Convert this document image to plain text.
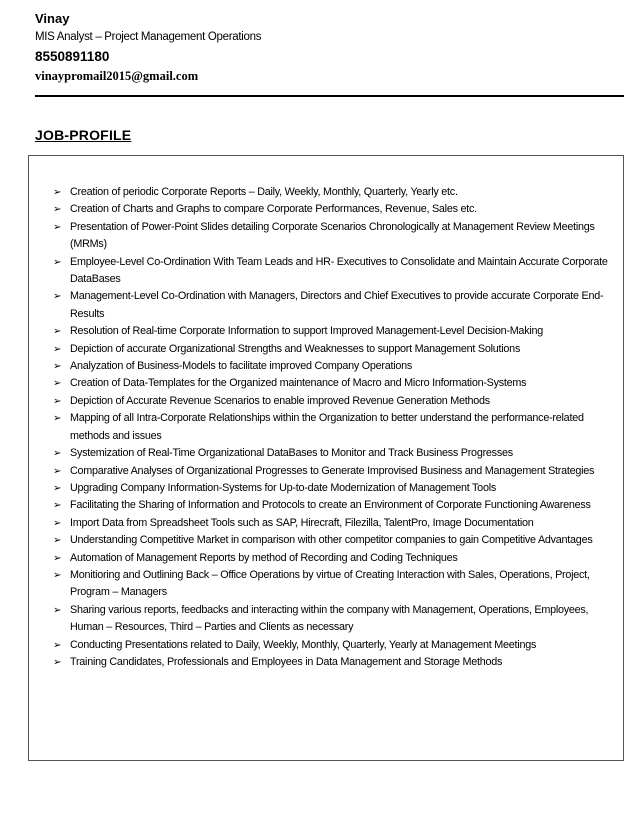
Vinay
MIS Analyst – Project Management Operations
8550891180
vinaypromail2015@gmail.com
JOB-PROFILE
➢ Creation of periodic Corporate Reports – Daily, Weekly, Monthly, Quarterly, Yearly etc.
➢ Creation of Charts and Graphs to compare Corporate Performances, Revenue, Sales etc.
➢ Presentation of Power-Point Slides detailing Corporate Scenarios Chronologically at Management Review Meetings (MRMs)
➢ Employee-Level Co-Ordination With Team Leads and HR- Executives to Consolidate and Maintain Accurate Corporate DataBases
➢ Management-Level Co-Ordination with Managers, Directors and Chief Executives to provide accurate Corporate End-Results
➢ Resolution of Real-time Corporate Information to support Improved Management-Level Decision-Making
➢ Depiction of accurate Organizational Strengths and Weaknesses to support Management Solutions
➢ Analyzation of Business-Models to facilitate improved Company Operations
➢ Creation of Data-Templates for the Organized maintenance of Macro and Micro Information-Systems
➢ Depiction of Accurate Revenue Scenarios to enable improved Revenue Generation Methods
➢ Mapping of all Intra-Corporate Relationships within the Organization to better understand the performance-related methods and issues
➢ Systemization of Real-Time Organizational DataBases to Monitor and Track Business Progresses
➢ Comparative Analyses of Organizational Progresses to Generate Improvised Business and Management Strategies
➢ Upgrading Company Information-Systems for Up-to-date Modernization of Management Tools
➢ Facilitating the Sharing of Information and Protocols to create an Environment of Corporate Functioning Awareness
➢ Import Data from Spreadsheet Tools such as SAP, Hirecraft, Filezilla, TalentPro, Image Documentation
➢ Understanding Competitive Market in comparison with other competitor companies to gain Competitive Advantages
➢ Automation of Management Reports by method of Recording and Coding Techniques
➢ Monitioring and Outlining Back – Office Operations by virtue of Creating Interaction with Sales, Operations, Project, Program – Managers
➢ Sharing various reports, feedbacks and interacting within the company with Management, Operations, Employees, Human – Resources, Third – Parties and Clients as necessary
➢ Conducting Presentations related to Daily, Weekly, Monthly, Quarterly, Yearly at Management Meetings
➢ Training Candidates, Professionals and Employees in Data Management and Storage Methods
